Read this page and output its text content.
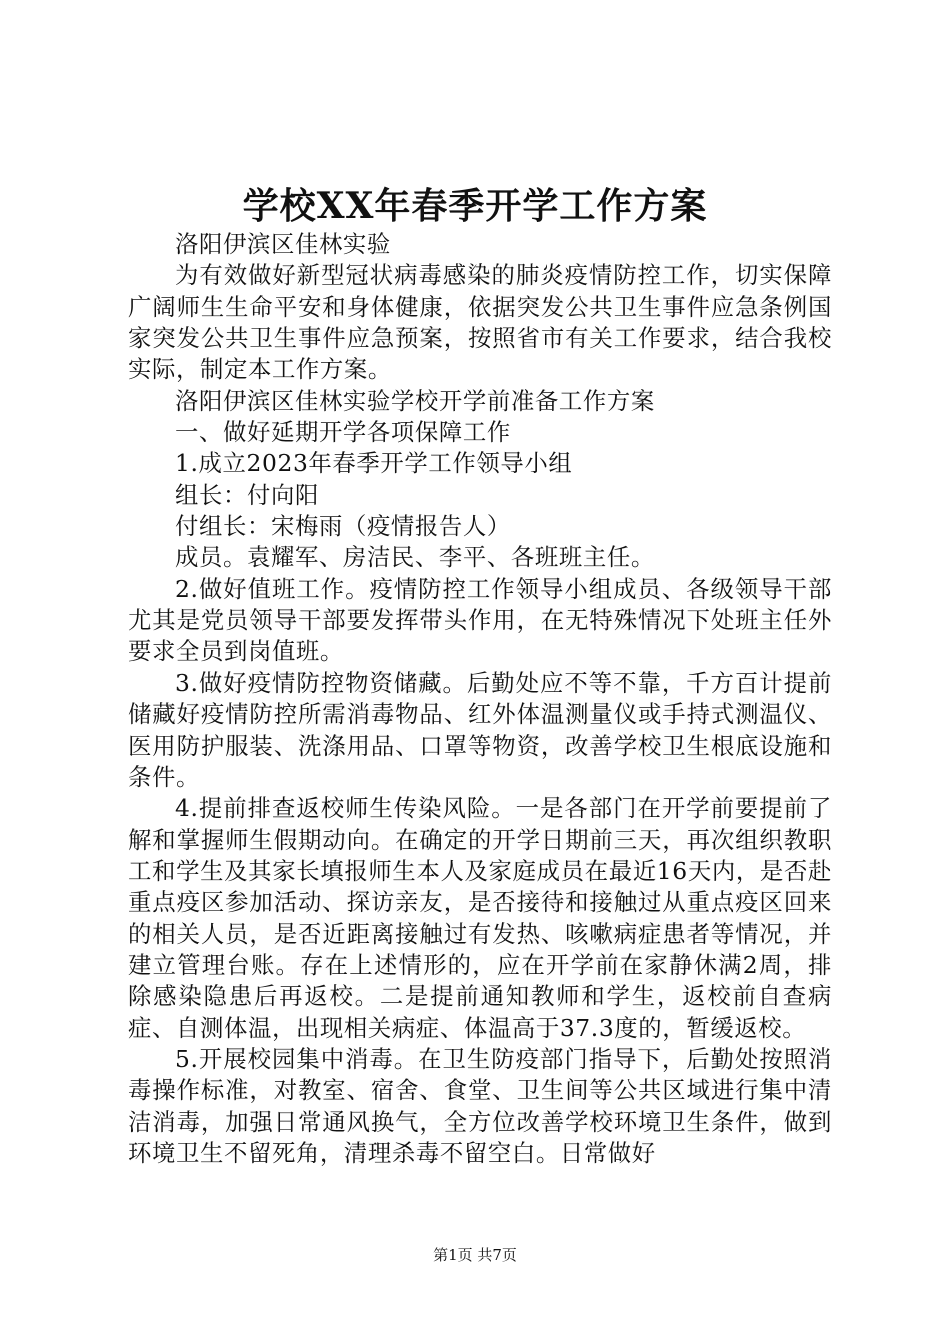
学校XX年春季开学工作方案

洛阳伊滨区佳林实验

为有效做好新型冠状病毒感染的肺炎疫情防控工作，切实保障广阔师生生命平安和身体健康，依据突发公共卫生事件应急条例国家突发公共卫生事件应急预案，按照省市有关工作要求，结合我校实际，制定本工作方案。

洛阳伊滨区佳林实验学校开学前准备工作方案

一、做好延期开学各项保障工作

1.成立2023年春季开学工作领导小组

组长：付向阳

付组长：宋梅雨（疫情报告人）

成员。袁耀军、房洁民、李平、各班班主任。

2.做好值班工作。疫情防控工作领导小组成员、各级领导干部尤其是党员领导干部要发挥带头作用，在无特殊情况下处班主任外要求全员到岗值班。

3.做好疫情防控物资储藏。后勤处应不等不靠，千方百计提前储藏好疫情防控所需消毒物品、红外体温测量仪或手持式测温仪、医用防护服装、洗涤用品、口罩等物资，改善学校卫生根底设施和条件。

4.提前排查返校师生传染风险。一是各部门在开学前要提前了解和掌握师生假期动向。在确定的开学日期前三天，再次组织教职工和学生及其家长填报师生本人及家庭成员在最近16天内，是否赴重点疫区参加活动、探访亲友，是否接待和接触过从重点疫区回来的相关人员，是否近距离接触过有发热、咳嗽病症患者等情况，并建立管理台账。存在上述情形的，应在开学前在家静休满2周，排除感染隐患后再返校。二是提前通知教师和学生，返校前自查病症、自测体温，出现相关病症、体温高于37.3度的，暂缓返校。

5.开展校园集中消毒。在卫生防疫部门指导下，后勤处按照消毒操作标准，对教室、宿舍、食堂、卫生间等公共区域进行集中清洁消毒，加强日常通风换气，全方位改善学校环境卫生条件，做到环境卫生不留死角，清理杀毒不留空白。日常做好

第1页 共7页
